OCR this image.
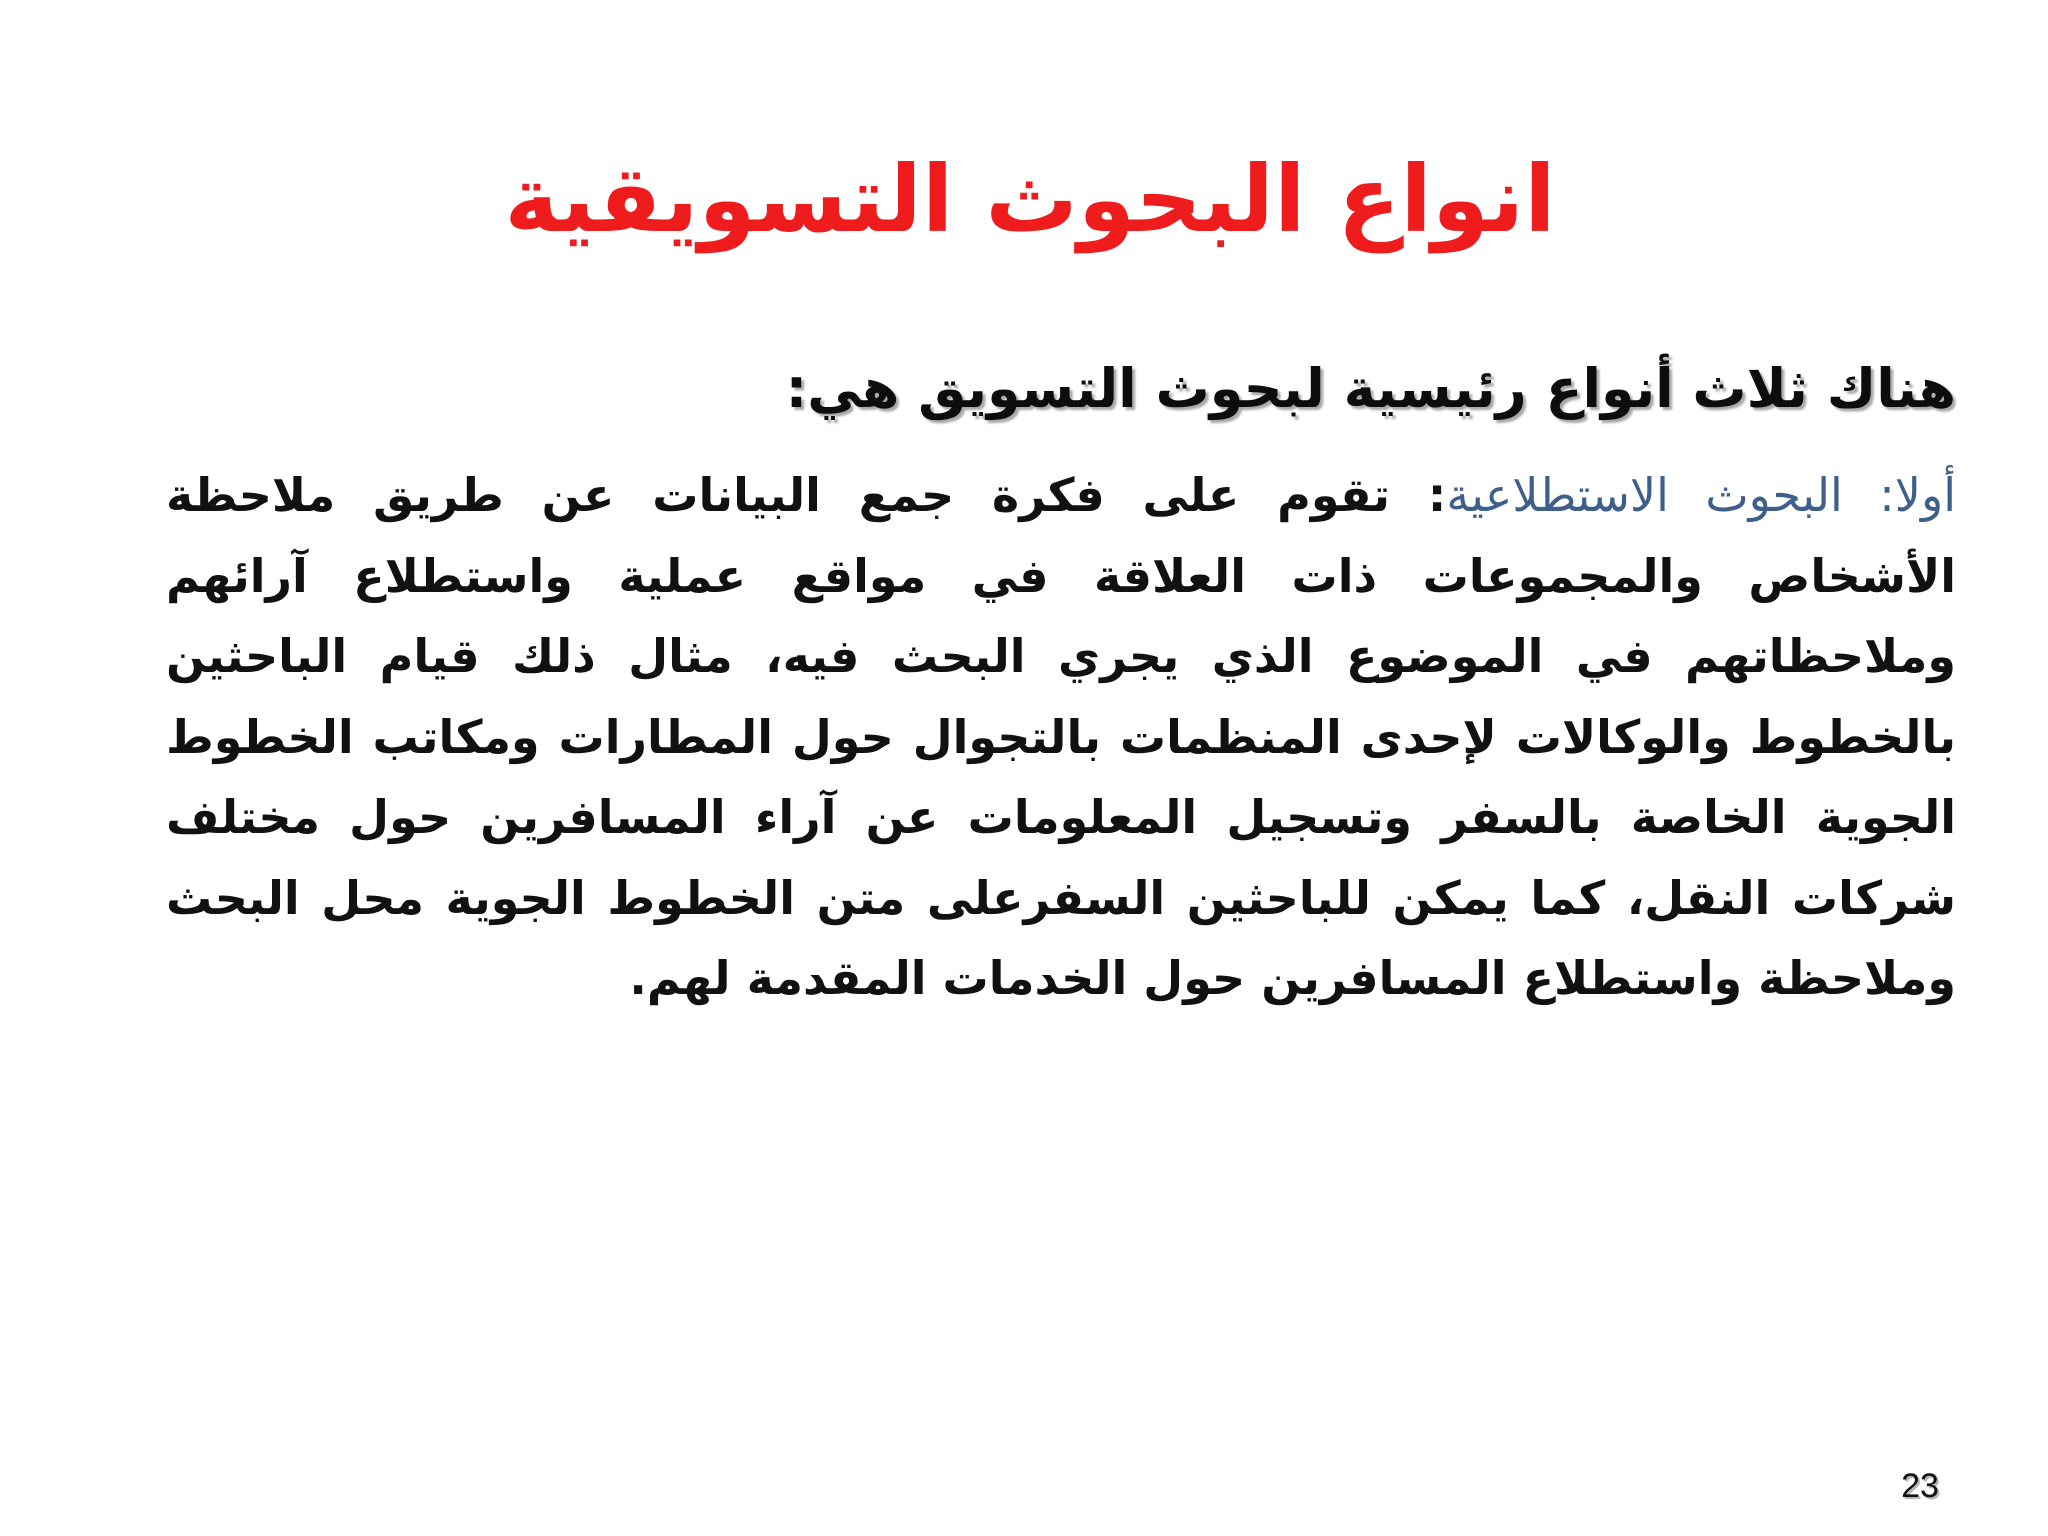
انواع البحوث التسويقية
هناك ثلاث أنواع رئيسية لبحوث التسويق هي:
أولا: البحوث الاستطلاعية: تقوم على فكرة جمع البيانات عن طريق ملاحظة الأشخاص والمجموعات ذات العلاقة في مواقع عملية واستطلاع آرائهم وملاحظاتهم في الموضوع الذي يجري البحث فيه، مثال ذلك قيام الباحثين بالخطوط والوكالات لإحدى المنظمات بالتجوال حول المطارات ومكاتب الخطوط الجوية الخاصة بالسفر وتسجيل المعلومات عن آراء المسافرين حول مختلف شركات النقل، كما يمكن للباحثين السفرعلى متن الخطوط الجوية محل البحث وملاحظة واستطلاع المسافرين حول الخدمات المقدمة لهم.
23
